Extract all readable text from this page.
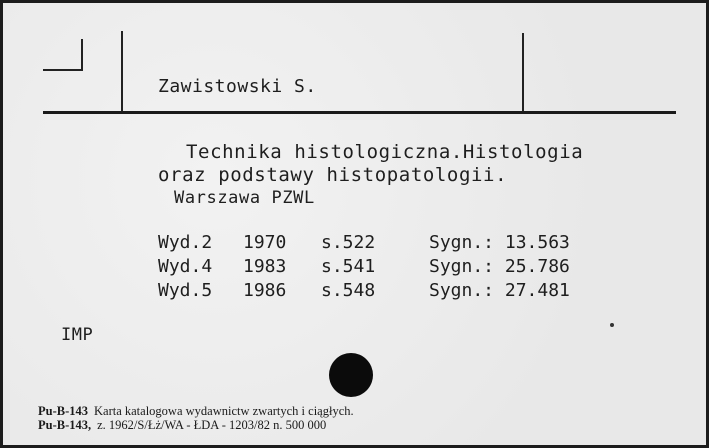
Zawistowski S.
Technika histologiczna.Histologia
oraz podstawy histopatologii.
Warszawa PZWL
Wyd.2 1970 s.522	Sygn.: 13.563
Wyd.4 1983 s.541	Sygn.: 25.786
Wyd.5 1986 s.548	Sygn.: 27.481
IMP
Pu-B-143 Karta katalogowa wydawnictw zwartych i ciągłych.
Pu-B-143, z. 1962/S/Łż/WA - ŁDA - 1203/82 n. 500 000
